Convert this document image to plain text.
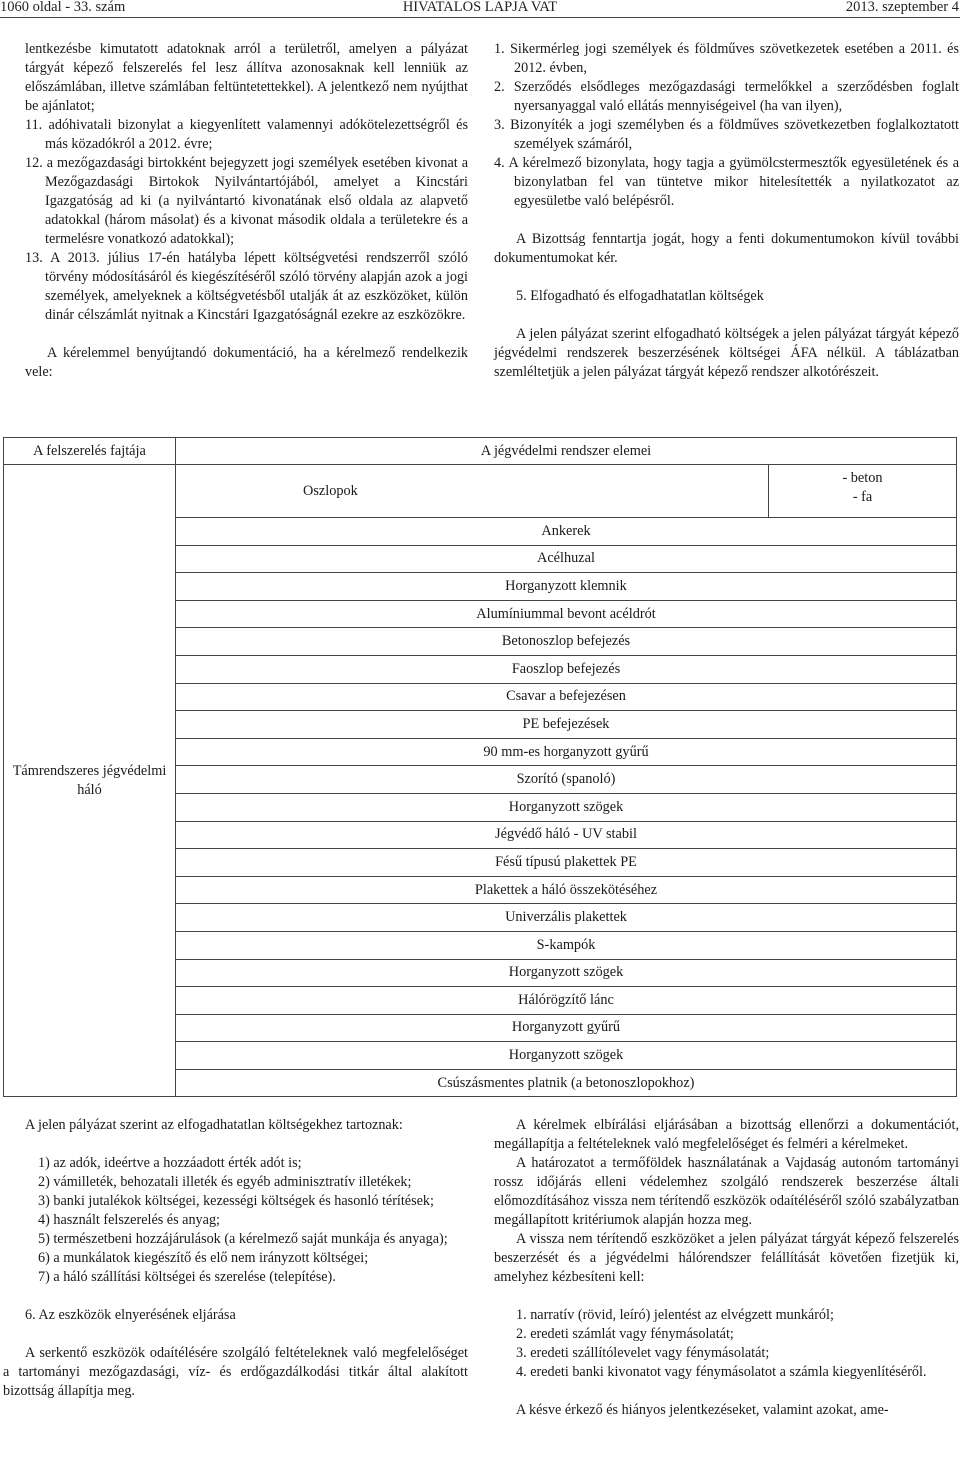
1060 oldal - 33. szám	HIVATALOS LAPJA VAT	2013. szeptember 4

lentkezésbe kimutatott adatoknak arról a területről, amelyen a pályázat tárgyát képező felszerelés fel lesz állítva azonosaknak kell lenniük az előszámlában, illetve számlában feltüntetettekkel). A jelentkező nem nyújthat be ajánlatot;

11. adóhivatali bizonylat a kiegyenlített valamennyi adókötelezettségről és más közadókról a 2012. évre;

12. a mezőgazdasági birtokként bejegyzett jogi személyek esetében kivonat a Mezőgazdasági Birtokok Nyilvántartójából, amelyet a Kincstári Igazgatóság ad ki (a nyilvántartó kivonatának első oldala az alapvető adatokkal (három másolat) és a kivonat második oldala a területekre és a termelésre vonatkozó adatokkal);

13. A 2013. július 17-én hatályba lépett költségvetési rendszerről szóló törvény módosításáról és kiegészítéséről szóló törvény alapján azok a jogi személyek, amelyeknek a költségvetésből utalják át az eszközöket, külön dinár célszámlát nyitnak a Kincstári Igazgatóságnál ezekre az eszközökre.

A kérelemmel benyújtandó dokumentáció, ha a kérelmező rendelkezik vele:

1. Sikermérleg jogi személyek és földműves szövetkezetek esetében a 2011. és 2012. évben,

2. Szerződés elsődleges mezőgazdasági termelőkkel a szerződésben foglalt nyersanyaggal való ellátás mennyiségeivel (ha van ilyen),

3. Bizonyíték a jogi személyben és a földműves szövetkezetben foglalkoztatott személyek számáról,

4. A kérelmező bizonylata, hogy tagja a gyümölcstermesztők egyesületének és a bizonylatban fel van tüntetve mikor hitelesítették a nyilatkozatot az egyesületbe való belépésről.

A Bizottság fenntartja jogát, hogy a fenti dokumentumokon kívül további dokumentumokat kér.

5. Elfogadható és elfogadhatatlan költségek

A jelen pályázat szerint elfogadható költségek a jelen pályázat tárgyát képező jégvédelmi rendszerek beszerzésének költségei ÁFA nélkül. A táblázatban szemléltetjük a jelen pályázat tárgyát képező rendszer alkotórészeit.

A felszerelés fajtája	A jégvédelmi rendszer elemei	
Támrendszeres jégvédelmi háló	Oszlopok	- beton
- fa

	Ankerek	
	Acélhuzal	
	Horganyzott klemnik	
	Alumíniummal bevont acéldrót	
	Betonoszlop befejezés	
	Faoszlop befejezés	
	Csavar a befejezésen	
	PE befejezések	
	90 mm-es horganyzott gyűrű	
	Szorító (spanoló)	
	Horganyzott szögek	
	Jégvédő háló - UV stabil	
	Fésű típusú plakettek PE	
	Plakettek a háló összekötéséhez	
	Univerzális plakettek	
	S-kampók	
	Horganyzott szögek	
	Hálórögzítő lánc	
	Horganyzott gyűrű	
	Horganyzott szögek	
	Csúszásmentes platnik (a betonoszlopokhoz)	

A jelen pályázat szerint az elfogadhatatlan költségekhez tartoznak:

1) az adók, ideértve a hozzáadott érték adót is;

2) vámilleték, behozatali illeték és egyéb adminisztratív illetékek;

3) banki jutalékok költségei, kezességi költségek és hasonló térítések;

4) használt felszerelés és anyag;

5) természetbeni hozzájárulások (a kérelmező saját munkája és anyaga);

6) a munkálatok kiegészítő és elő nem irányzott költségei;

7) a háló szállítási költségei és szerelése (telepítése).

6. Az eszközök elnyerésének eljárása

A serkentő eszközök odaítélésére szolgáló feltételeknek való megfelelőséget a tartományi mezőgazdasági, víz- és erdőgazdálkodási titkár által alakított bizottság állapítja meg.

A kérelmek elbírálási eljárásában a bizottság ellenőrzi a dokumentációt, megállapítja a feltételeknek való megfelelőséget és felméri a kérelmeket.

A határozatot a termőföldek használatának a Vajdaság autonóm tartományi rossz időjárás elleni védelemhez szolgáló rendszerek beszerzése általi előmozdításához vissza nem térítendő eszközök odaítéléséről szóló szabályzatban megállapított kritériumok alapján hozza meg.

A vissza nem térítendő eszközöket a jelen pályázat tárgyát képező felszerelés beszerzését és a jégvédelmi hálórendszer felállítását követően fizetjük ki, amelyhez kézbesíteni kell:

1. narratív (rövid, leíró) jelentést az elvégzett munkáról;

2. eredeti számlát vagy fénymásolatát;

3. eredeti szállítólevelet vagy fénymásolatát;

4. eredeti banki kivonatot vagy fénymásolatot a számla kiegyenlítéséről.

A késve érkező és hiányos jelentkezéseket, valamint azokat, ame-
